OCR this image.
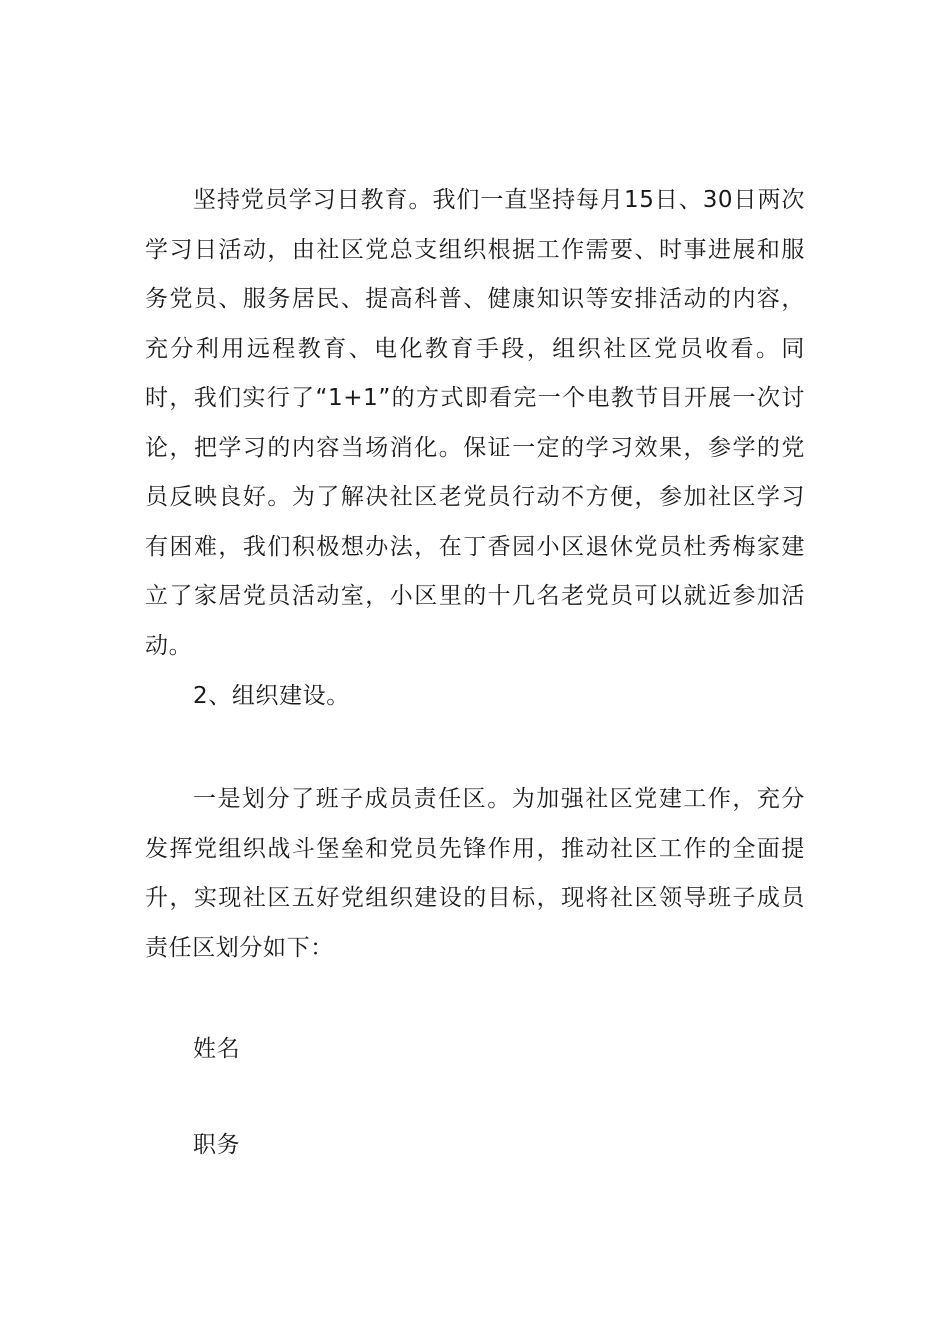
坚持党员学习日教育。我们一直坚持每月15日、30日两次学习日活动，由社区党总支组织根据工作需要、时事进展和服务党员、服务居民、提高科普、健康知识等安排活动的内容，充分利用远程教育、电化教育手段，组织社区党员收看。同时，我们实行了“1+1”的方式即看完一个电教节目开展一次讨论，把学习的内容当场消化。保证一定的学习效果，参学的党员反映良好。为了解决社区老党员行动不方便，参加社区学习有困难，我们积极想办法，在丁香园小区退休党员杜秀梅家建立了家居党员活动室，小区里的十几名老党员可以就近参加活动。

2、组织建设。

一是划分了班子成员责任区。为加强社区党建工作，充分发挥党组织战斗堡垒和党员先锋作用，推动社区工作的全面提升，实现社区五好党组织建设的目标，现将社区领导班子成员责任区划分如下：

姓名

职务
